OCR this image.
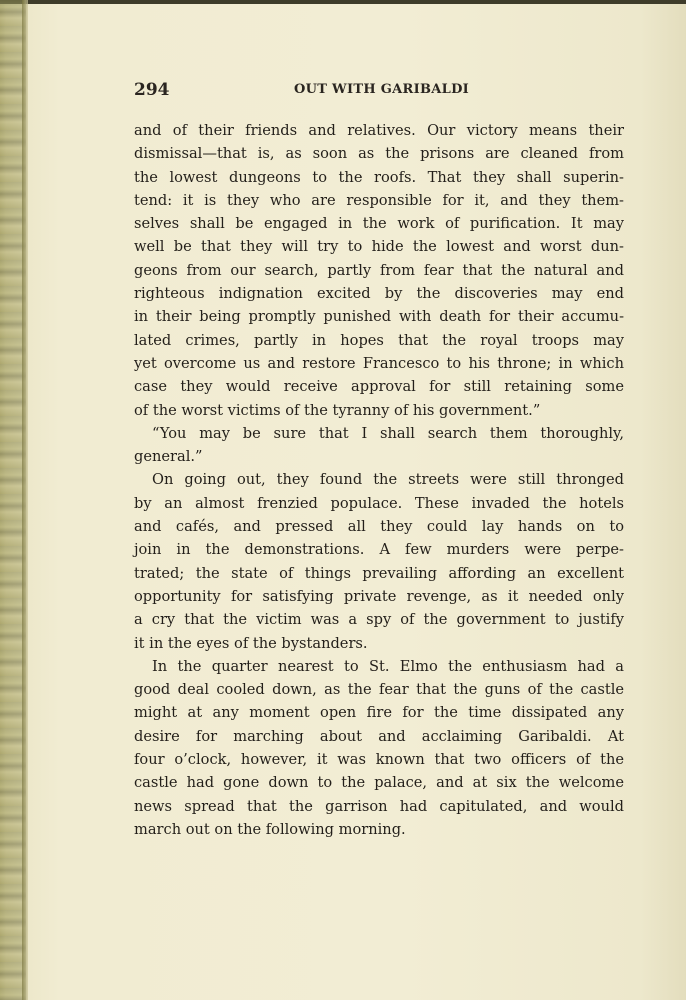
294	OUT WITH GARIBALDI
and of their friends and relatives. Our victory means their
dismissal—that is, as soon as the prisons are cleaned from
the lowest dungeons to the roofs. That they shall superin-
tend: it is they who are responsible for it, and they them-
selves shall be engaged in the work of purification. It may
well be that they will try to hide the lowest and worst dun-
geons from our search, partly from fear that the natural and
righteous indignation excited by the discoveries may end
in their being promptly punished with death for their accumu-
lated crimes, partly in hopes that the royal troops may
yet overcome us and restore Francesco to his throne; in which
case they would receive approval for still retaining some
of the worst victims of the tyranny of his government.”
“You may be sure that I shall search them thoroughly,
general.”
On going out, they found the streets were still thronged
by an almost frenzied populace. These invaded the hotels
and cafés, and pressed all they could lay hands on to
join in the demonstrations. A few murders were perpe-
trated; the state of things prevailing affording an excellent
opportunity for satisfying private revenge, as it needed only
a cry that the victim was a spy of the government to justify
it in the eyes of the bystanders.
In the quarter nearest to St. Elmo the enthusiasm had a
good deal cooled down, as the fear that the guns of the castle
might at any moment open fire for the time dissipated any
desire for marching about and acclaiming Garibaldi. At
four o’clock, however, it was known that two officers of the
castle had gone down to the palace, and at six the welcome
news spread that the garrison had capitulated, and would
march out on the following morning.
